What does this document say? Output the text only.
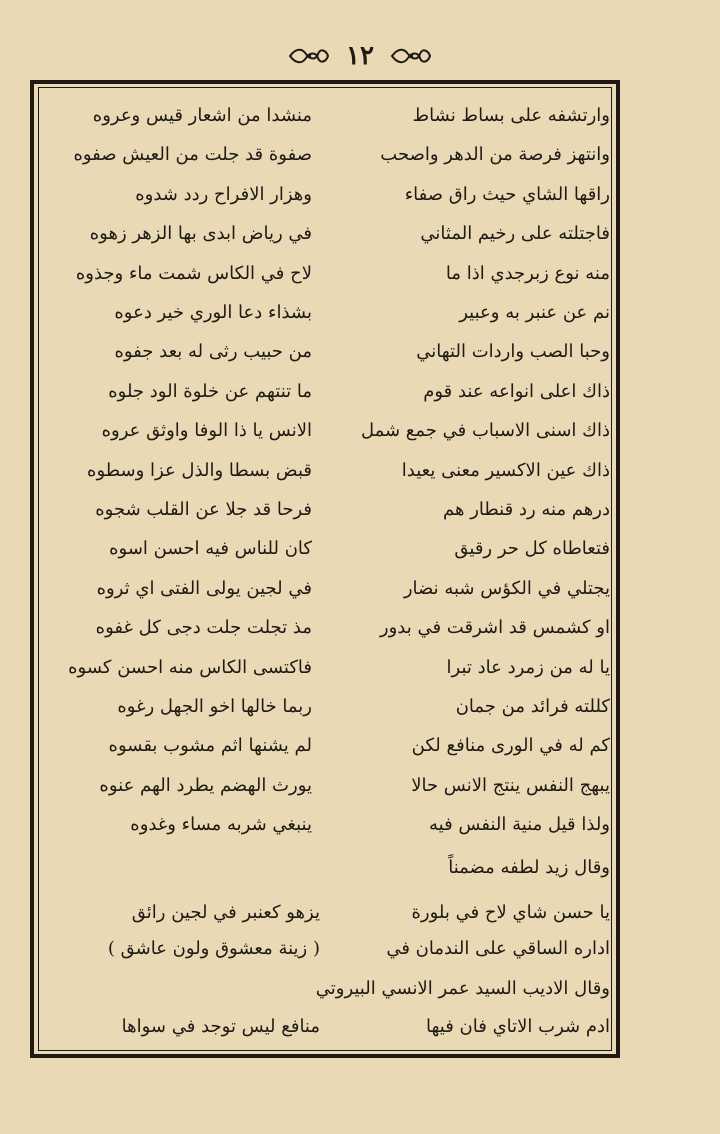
١٢
وارتشفه على بساط نشاط
منشدا من اشعار قيس وعروه
وانتهز فرصة من الدهر واصحب
صفوة قد جلت من العيش صفوه
راقها الشاي حيث راق صفاء
وهزار الافراح ردد شدوه
فاجتلته على رخيم المثاني
في رياض ابدى بها الزهر زهوه
منه نوع زبرجدي اذا ما
لاح في الكاس شمت ماء وجذوه
نم عن عنبر به وعبير
بشذاء دعا الوري خير دعوه
وحبا الصب واردات التهاني
من حبيب رثى له بعد جفوه
ذاك اعلى انواعه عند قوم
ما تنتهم عن خلوة الود جلوه
ذاك اسنى الاسباب في جمع شمل
الانس يا ذا الوفا واوثق عروه
ذاك عين الاكسير معنى يعيدا
قبض بسطا والذل عزا وسطوه
درهم منه رد قنطار هم
فرحا قد جلا عن القلب شجوه
فتعاطاه كل حر رقيق
كان للناس فيه احسن اسوه
يجتلي في الكؤس شبه نضار
في لجين يولى الفتى اي ثروه
او كشمس قد اشرقت في بدور
مذ تجلت جلت دجى كل غفوه
يا له من زمرد عاد تبرا
فاكتسى الكاس منه احسن كسوه
كللته فرائد من جمان
ربما خالها اخو الجهل رغوه
كم له في الورى منافع لكن
لم يشنها اثم مشوب بقسوه
يبهج النفس ينتج الانس حالا
يورث الهضم يطرد الهم عنوه
ولذا قيل منية النفس فيه
ينبغي شربه مساء وغدوه
وقال زيد لطفه مضمناً
يا حسن شاي لاح في بلورة
يزهو كعنبر في لجين رائق
اداره الساقي على الندمان في
( زينة معشوق ولون عاشق )
وقال الاديب السيد عمر الانسي البيروتي
ادم شرب الاتاي فان فيها
منافع ليس توجد في سواها
